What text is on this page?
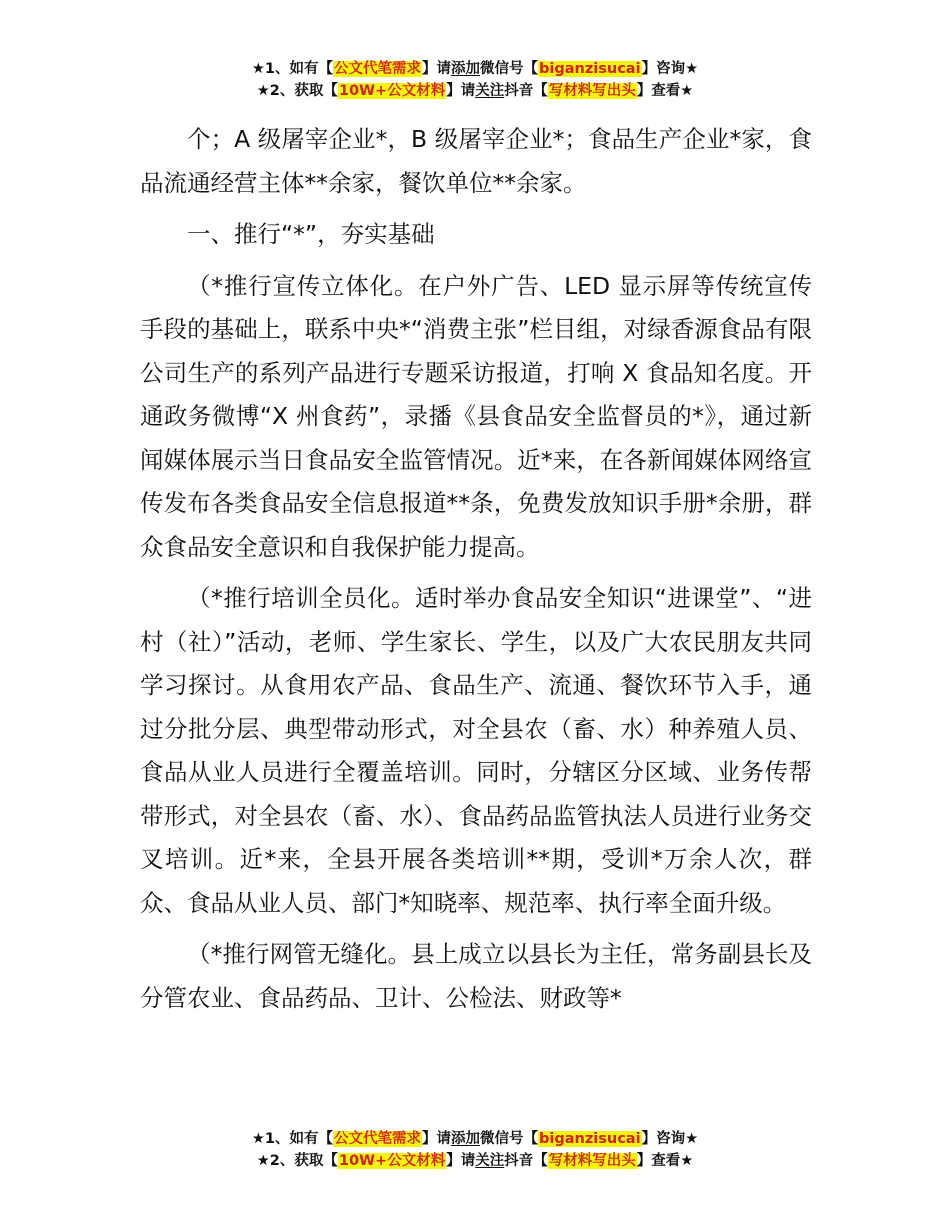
★1、如有【公文代笔需求】请添加微信号【biganzisucai】咨询★
★2、获取【10W+公文材料】请关注抖音【写材料写出头】查看★

个；A 级屠宰企业*，B 级屠宰企业*；食品生产企业*家，食品流通经营主体**余家，餐饮单位**余家。

一、推行“*”，夯实基础

（*推行宣传立体化。在户外广告、LED 显示屏等传统宣传手段的基础上，联系中央*“消费主张”栏目组，对绿香源食品有限公司生产的系列产品进行专题采访报道，打响 X 食品知名度。开通政务微博“X 州食药”，录播《县食品安全监督员的*》，通过新闻媒体展示当日食品安全监管情况。近*来，在各新闻媒体网络宣传发布各类食品安全信息报道**条，免费发放知识手册*余册，群众食品安全意识和自我保护能力提高。

（*推行培训全员化。适时举办食品安全知识“进课堂”、“进村（社）”活动，老师、学生家长、学生，以及广大农民朋友共同学习探讨。从食用农产品、食品生产、流通、餐饮环节入手，通过分批分层、典型带动形式，对全县农（畜、水）种养殖人员、食品从业人员进行全覆盖培训。同时，分辖区分区域、业务传帮带形式，对全县农（畜、水）、食品药品监管执法人员进行业务交叉培训。近*来，全县开展各类培训**期，受训*万余人次，群众、食品从业人员、部门*知晓率、规范率、执行率全面升级。

（*推行网管无缝化。县上成立以县长为主任，常务副县长及分管农业、食品药品、卫计、公检法、财政等*

★1、如有【公文代笔需求】请添加微信号【biganzisucai】咨询★
★2、获取【10W+公文材料】请关注抖音【写材料写出头】查看★
